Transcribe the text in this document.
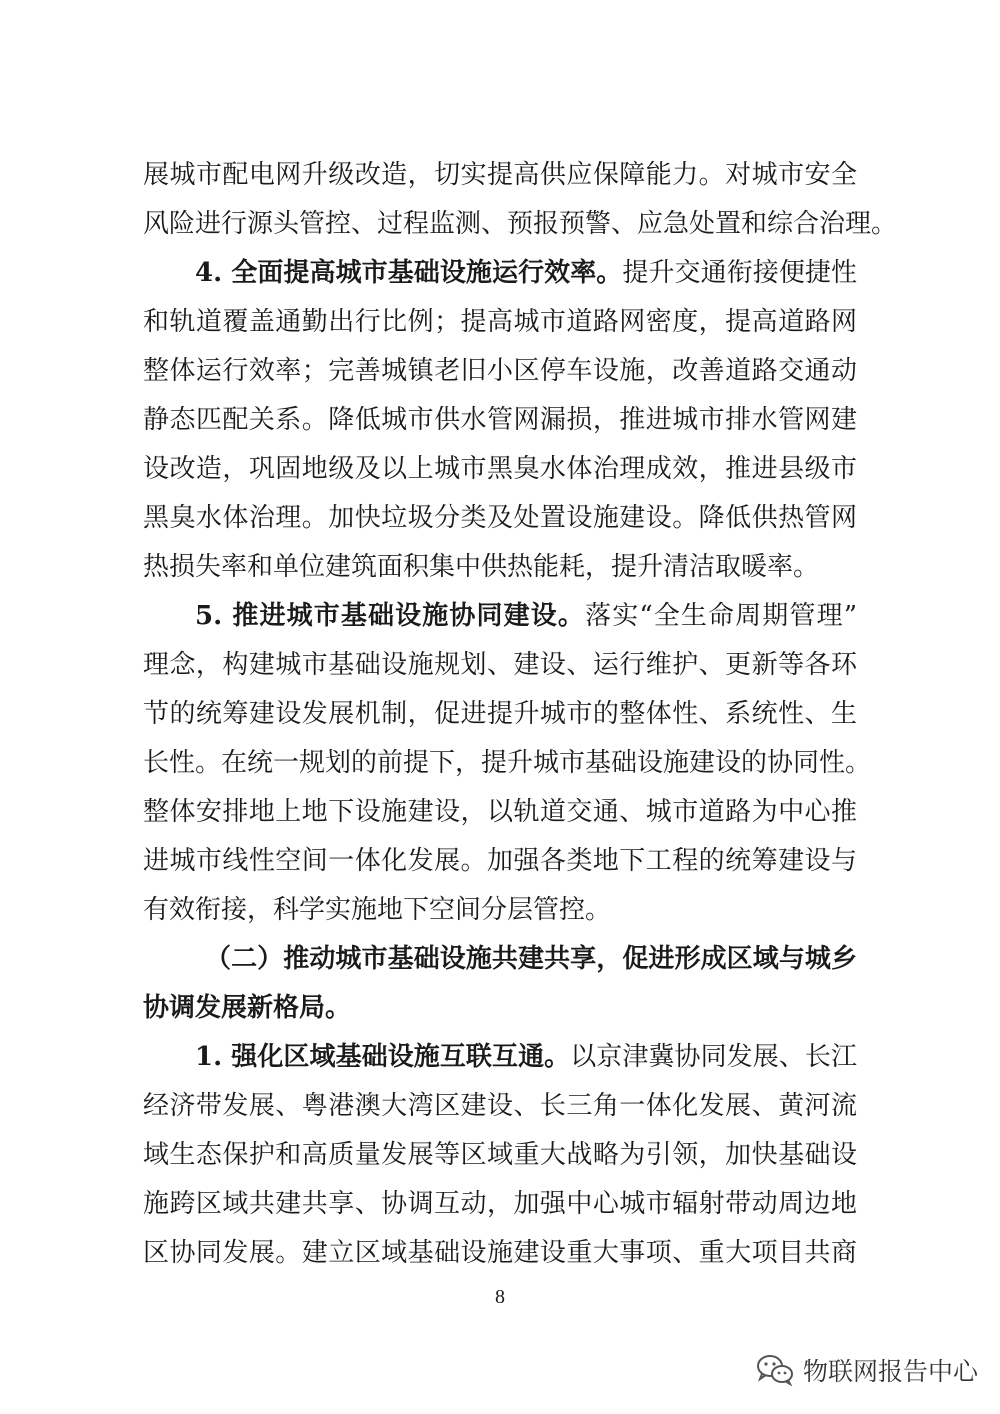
展城市配电网升级改造，切实提高供应保障能力。对城市安全
风险进行源头管控、过程监测、预报预警、应急处置和综合治理。
4. 全面提高城市基础设施运行效率。提升交通衔接便捷性
和轨道覆盖通勤出行比例；提高城市道路网密度，提高道路网
整体运行效率；完善城镇老旧小区停车设施，改善道路交通动
静态匹配关系。降低城市供水管网漏损，推进城市排水管网建
设改造，巩固地级及以上城市黑臭水体治理成效，推进县级市
黑臭水体治理。加快垃圾分类及处置设施建设。降低供热管网
热损失率和单位建筑面积集中供热能耗，提升清洁取暖率。
5. 推进城市基础设施协同建设。落实“全生命周期管理”
理念，构建城市基础设施规划、建设、运行维护、更新等各环
节的统筹建设发展机制，促进提升城市的整体性、系统性、生
长性。在统一规划的前提下，提升城市基础设施建设的协同性。
整体安排地上地下设施建设，以轨道交通、城市道路为中心推
进城市线性空间一体化发展。加强各类地下工程的统筹建设与
有效衔接，科学实施地下空间分层管控。
（二）推动城市基础设施共建共享，促进形成区域与城乡
协调发展新格局。
1. 强化区域基础设施互联互通。以京津冀协同发展、长江
经济带发展、粤港澳大湾区建设、长三角一体化发展、黄河流
域生态保护和高质量发展等区域重大战略为引领，加快基础设
施跨区域共建共享、协调互动，加强中心城市辐射带动周边地
区协同发展。建立区域基础设施建设重大事项、重大项目共商
8
物联网报告中心
